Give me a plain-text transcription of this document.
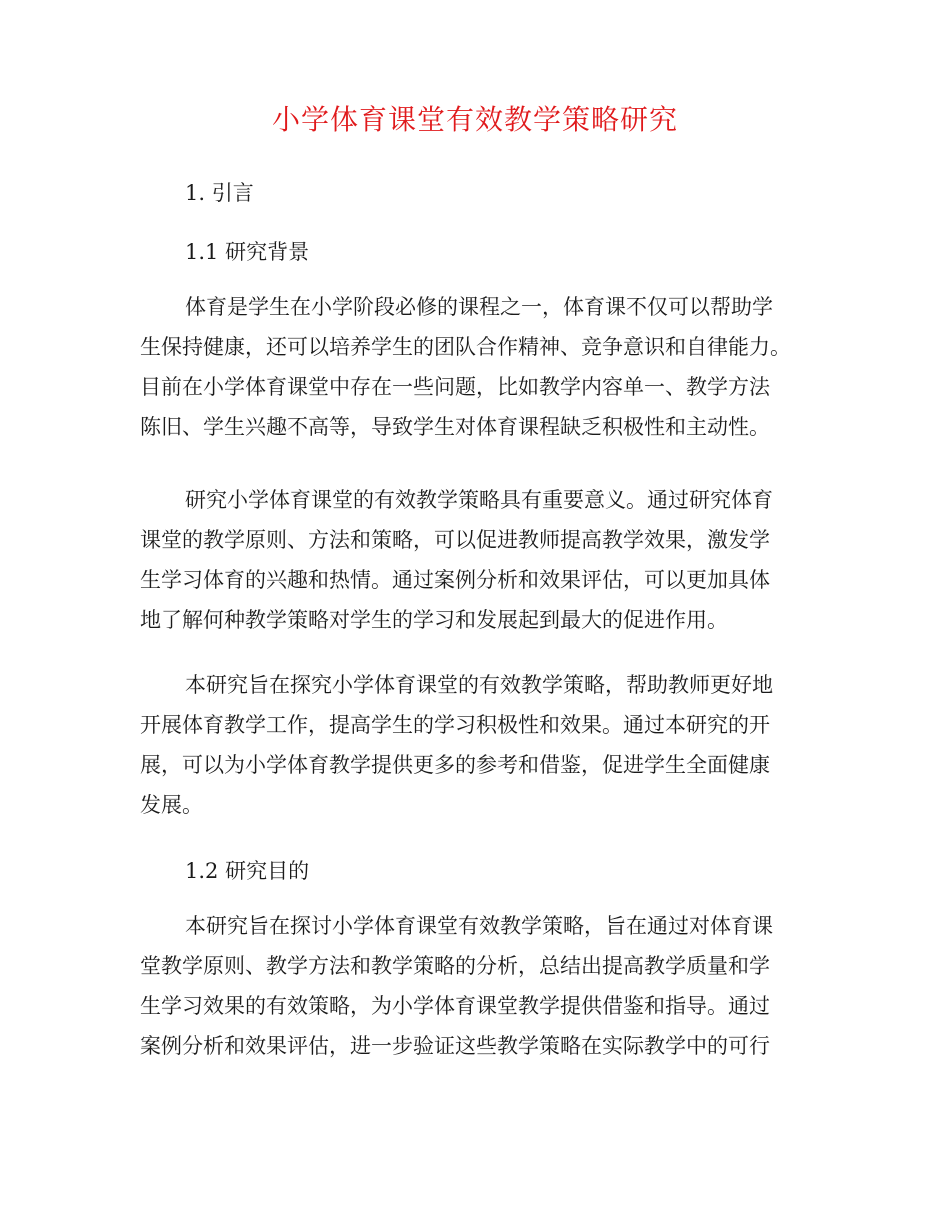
小学体育课堂有效教学策略研究
1. 引言
1.1 研究背景
体育是学生在小学阶段必修的课程之一，体育课不仅可以帮助学
生保持健康，还可以培养学生的团队合作精神、竞争意识和自律能力。
目前在小学体育课堂中存在一些问题，比如教学内容单一、教学方法
陈旧、学生兴趣不高等，导致学生对体育课程缺乏积极性和主动性。
研究小学体育课堂的有效教学策略具有重要意义。通过研究体育
课堂的教学原则、方法和策略，可以促进教师提高教学效果，激发学
生学习体育的兴趣和热情。通过案例分析和效果评估，可以更加具体
地了解何种教学策略对学生的学习和发展起到最大的促进作用。
本研究旨在探究小学体育课堂的有效教学策略，帮助教师更好地
开展体育教学工作，提高学生的学习积极性和效果。通过本研究的开
展，可以为小学体育教学提供更多的参考和借鉴，促进学生全面健康
发展。
1.2 研究目的
本研究旨在探讨小学体育课堂有效教学策略，旨在通过对体育课
堂教学原则、教学方法和教学策略的分析，总结出提高教学质量和学
生学习效果的有效策略，为小学体育课堂教学提供借鉴和指导。通过
案例分析和效果评估，进一步验证这些教学策略在实际教学中的可行
